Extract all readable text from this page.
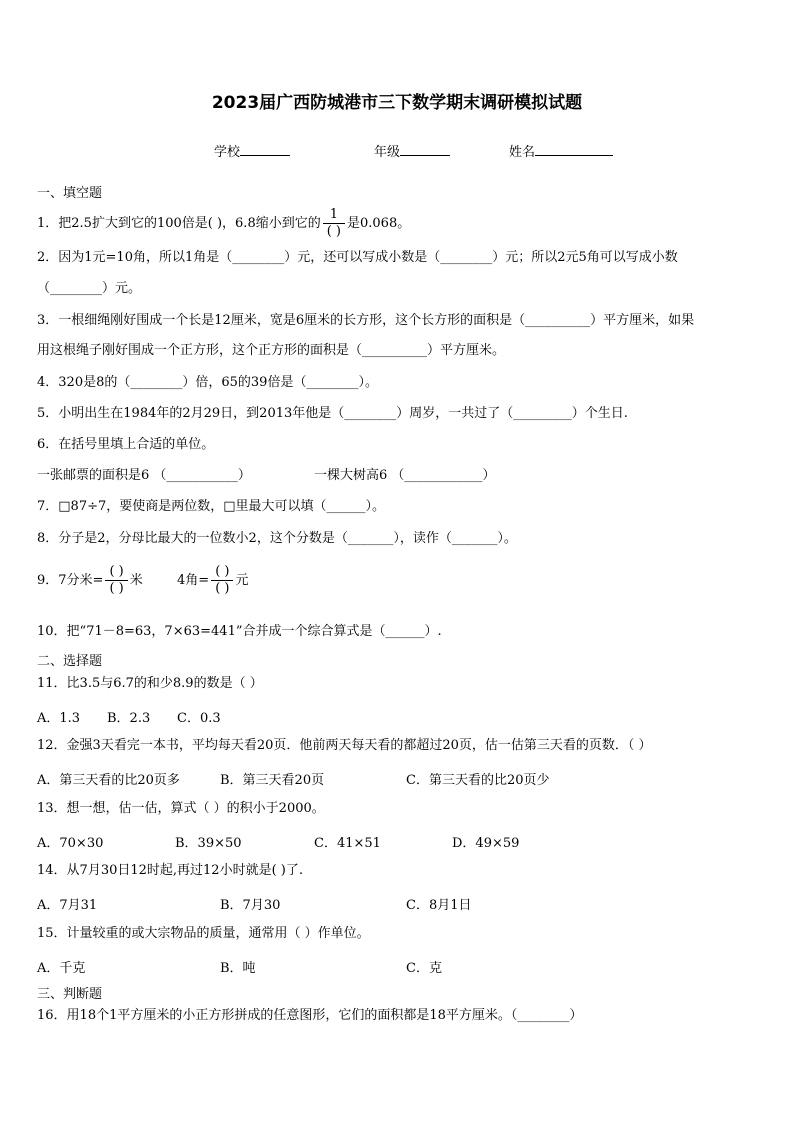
2023届广西防城港市三下数学期末调研模拟试题
学校	年级	姓名
一、填空题
1．把2.5扩大到它的100倍是( )，6.8缩小到它的 $\frac{1}{( )}$ 是0.068。
2．因为1元=10角，所以1角是（________）元，还可以写成小数是（________）元；所以2元5角可以写成小数
（________）元。
3．一根细绳刚好围成一个长是12厘米，宽是6厘米的长方形，这个长方形的面积是（__________）平方厘米，如果
用这根绳子刚好围成一个正方形，这个正方形的面积是（__________）平方厘米。
4．320是8的（________）倍，65的39倍是（________）。
5．小明出生在1984年的2月29日，到2013年他是（________）周岁，一共过了（_________）个生日.
6．在括号里填上合适的单位。
一张邮票的面积是6 （___________）	一棵大树高6 （____________）
7．□87÷7，要使商是两位数，□里最大可以填（______）。
8．分子是2，分母比最大的一位数小2，这个分数是（_______），读作（_______）。
9．7分米= $\frac{( )}{( )}$ 米	4角= $\frac{( )}{( )}$ 元
10．把“71－8=63，7×63=441”合并成一个综合算式是（______）.
二、选择题
11．比3.5与6.7的和少8.9的数是（ ）
A．1.3 B．2.3 C．0.3
12．金强3天看完一本书，平均每天看20页．他前两天每天看的都超过20页，估一估第三天看的页数．（ ）
A．第三天看的比20页多	B．第三天看20页	C．第三天看的比20页少
13．想一想，估一估，算式（ ）的积小于2000。
A．70×30	B．39×50	C．41×51	D．49×59
14．从7月30日12时起,再过12小时就是( )了.
A．7月31	B．7月30	C．8月1日
15．计量较重的或大宗物品的质量，通常用（ ）作单位。
A．千克	B．吨	C．克
三、判断题
16．用18个1平方厘米的小正方形拼成的任意图形，它们的面积都是18平方厘米。（________）
